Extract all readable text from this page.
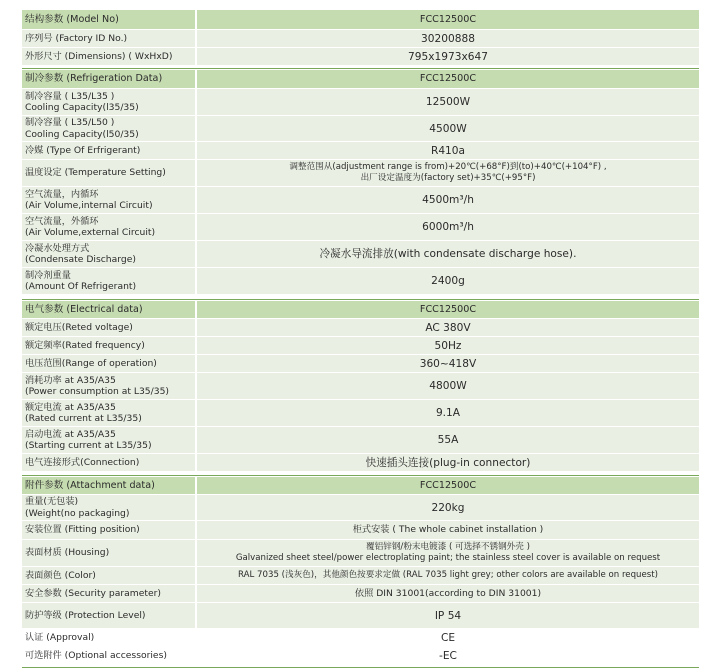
结构参数 (Model No)	FCC12500C
序列号 (Factory ID No.)	30200888
外形尺寸 (Dimensions) ( WxHxD)	795x1973x647
制冷参数 (Refrigeration Data)	FCC12500C
制冷容量 ( L35/L35 )
Cooling Capacity(l35/35)	12500W
制冷容量 ( L35/L50 )
Cooling Capacity(l50/35)	4500W
冷媒 (Type Of Erfrigerant)	R410a
温度设定 (Temperature Setting)	调整范围从(adjustment range is from)+20℃(+68°F)到(to)+40℃(+104°F) ,
出厂设定温度为(factory set)+35℃(+95°F)
空气流量，内循环
(Air Volume,internal Circuit)	4500m³/h
空气流量，外循环
(Air Volume,external Circuit)	6000m³/h
冷凝水处理方式
(Condensate Discharge)	冷凝水导流排放(with condensate discharge hose).
制冷剂重量
(Amount Of Refrigerant)	2400g
电气参数 (Electrical data)	FCC12500C
额定电压(Reted voltage)	AC 380V
额定频率(Rated frequency)	50Hz
电压范围(Range of operation)	360~418V
消耗功率 at A35/A35
(Power consumption at L35/35)	4800W
额定电流 at A35/A35
(Rated current at L35/35)	9.1A
启动电流 at A35/A35
(Starting current at L35/35)	55A
电气连接形式(Connection)	快速插头连接(plug-in connector)
附件参数 (Attachment data)	FCC12500C
重量(无包装)
(Weight(no packaging)	220kg
安装位置 (Fitting position)	柜式安装 ( The whole cabinet installation )
表面材质 (Housing)	覆铝锌钢/粉末电镀漆 ( 可选择不锈钢外壳 )
Galvanized sheet steel/power electroplating paint; the stainless steel cover is available on request
表面颜色 (Color)	RAL 7035 (浅灰色)，其他颜色按要求定做 (RAL 7035 light grey; other colors are available on request)
安全参数 (Security parameter)	依照 DIN 31001(according to DIN 31001)
防护等级 (Protection Level)	IP 54
认证 (Approval)	CE
可选附件 (Optional accessories)	-EC
